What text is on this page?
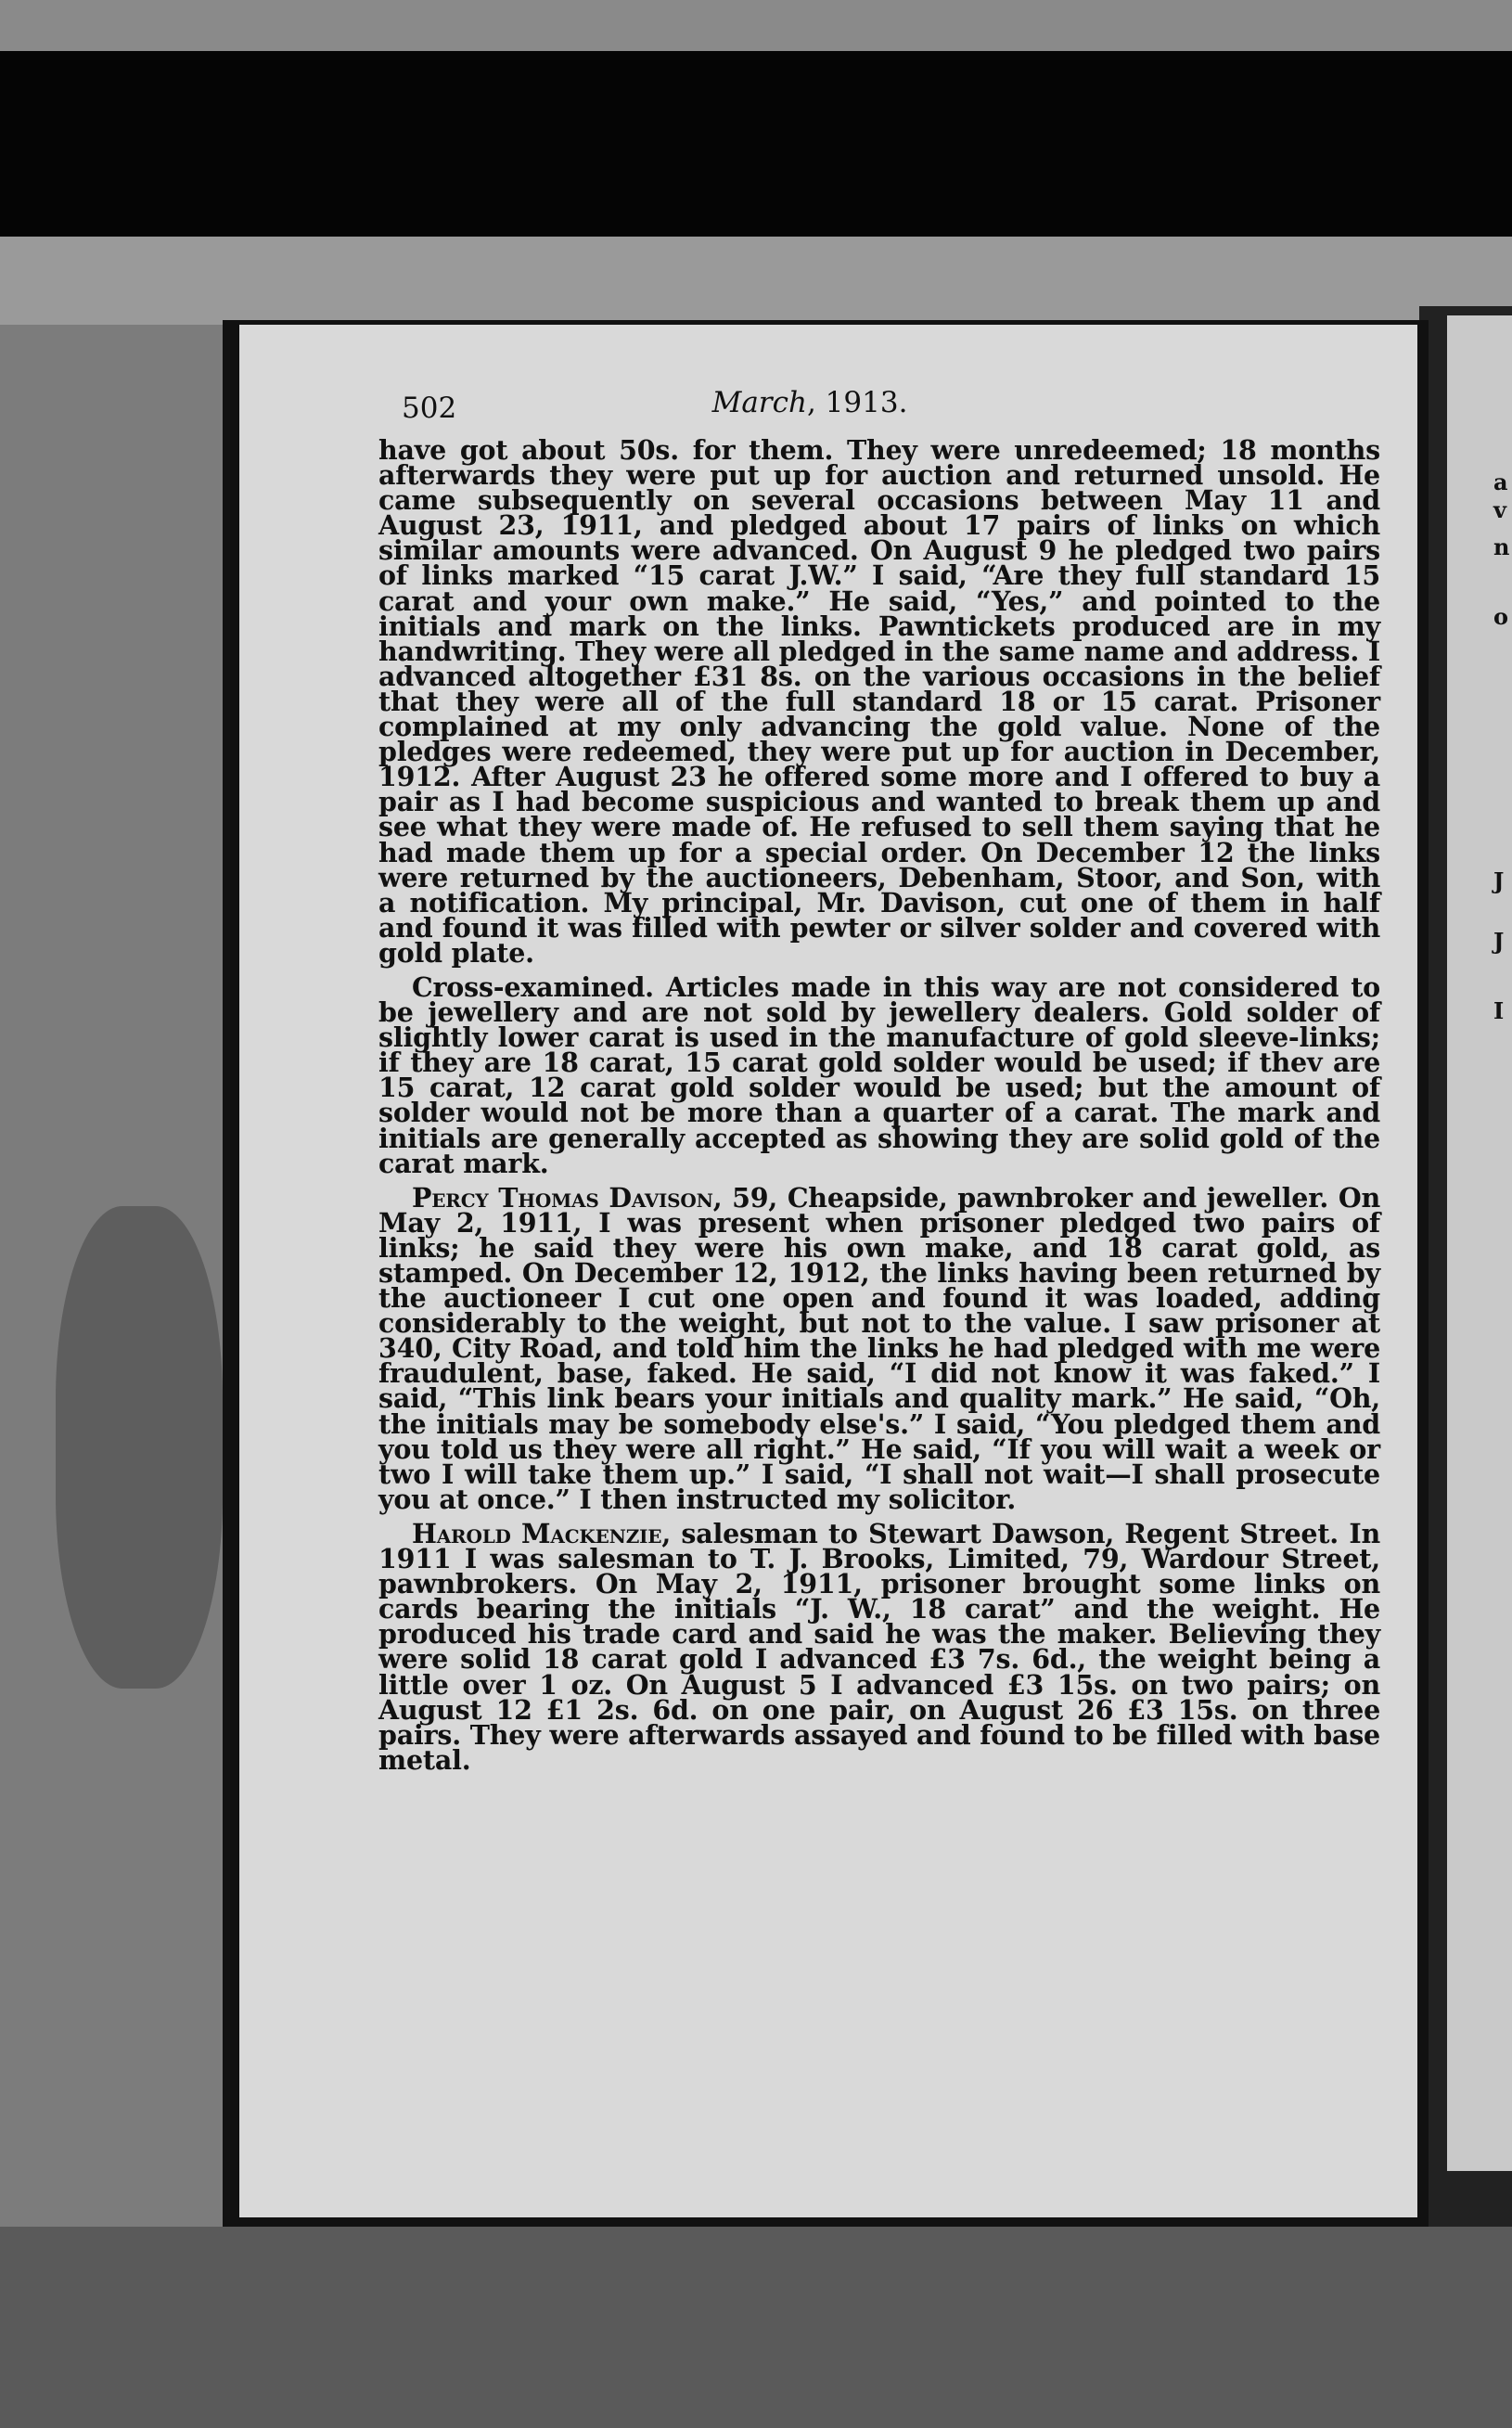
a
v
n
o
J
J
I
502	March, 1913.

have got about 50s. for them. They were unredeemed; 18 months afterwards they were put up for auction and returned unsold. He came subsequently on several occasions between May 11 and August 23, 1911, and pledged about 17 pairs of links on which similar amounts were advanced. On August 9 he pledged two pairs of links marked “15 carat J.W.” I said, “Are they full standard 15 carat and your own make.” He said, “Yes,” and pointed to the initials and mark on the links. Pawntickets produced are in my handwriting. They were all pledged in the same name and address. I advanced altogether £31 8s. on the various occasions in the belief that they were all of the full standard 18 or 15 carat. Prisoner complained at my only advancing the gold value. None of the pledges were redeemed, they were put up for auction in December, 1912. After August 23 he offered some more and I offered to buy a pair as I had become suspicious and wanted to break them up and see what they were made of. He refused to sell them saying that he had made them up for a special order. On December 12 the links were returned by the auctioneers, Debenham, Stoor, and Son, with a notification. My principal, Mr. Davison, cut one of them in half and found it was filled with pewter or silver solder and covered with gold plate.

Cross-examined. Articles made in this way are not considered to be jewellery and are not sold by jewellery dealers. Gold solder of slightly lower carat is used in the manufacture of gold sleeve-links; if they are 18 carat, 15 carat gold solder would be used; if thev are 15 carat, 12 carat gold solder would be used; but the amount of solder would not be more than a quarter of a carat. The mark and initials are generally accepted as showing they are solid gold of the carat mark.

Percy Thomas Davison, 59, Cheapside, pawnbroker and jeweller. On May 2, 1911, I was present when prisoner pledged two pairs of links; he said they were his own make, and 18 carat gold, as stamped. On December 12, 1912, the links having been returned by the auctioneer I cut one open and found it was loaded, adding considerably to the weight, but not to the value. I saw prisoner at 340, City Road, and told him the links he had pledged with me were fraudulent, base, faked. He said, “I did not know it was faked.” I said, “This link bears your initials and quality mark.” He said, “Oh, the initials may be somebody else's.” I said, “You pledged them and you told us they were all right.” He said, “If you will wait a week or two I will take them up.” I said, “I shall not wait—I shall prosecute you at once.” I then instructed my solicitor.

Harold Mackenzie, salesman to Stewart Dawson, Regent Street. In 1911 I was salesman to T. J. Brooks, Limited, 79, Wardour Street, pawnbrokers. On May 2, 1911, prisoner brought some links on cards bearing the initials “J. W., 18 carat” and the weight. He produced his trade card and said he was the maker. Believing they were solid 18 carat gold I advanced £3 7s. 6d., the weight being a little over 1 oz. On August 5 I advanced £3 15s. on two pairs; on August 12 £1 2s. 6d. on one pair, on August 26 £3 15s. on three pairs. They were afterwards assayed and found to be filled with base metal.
